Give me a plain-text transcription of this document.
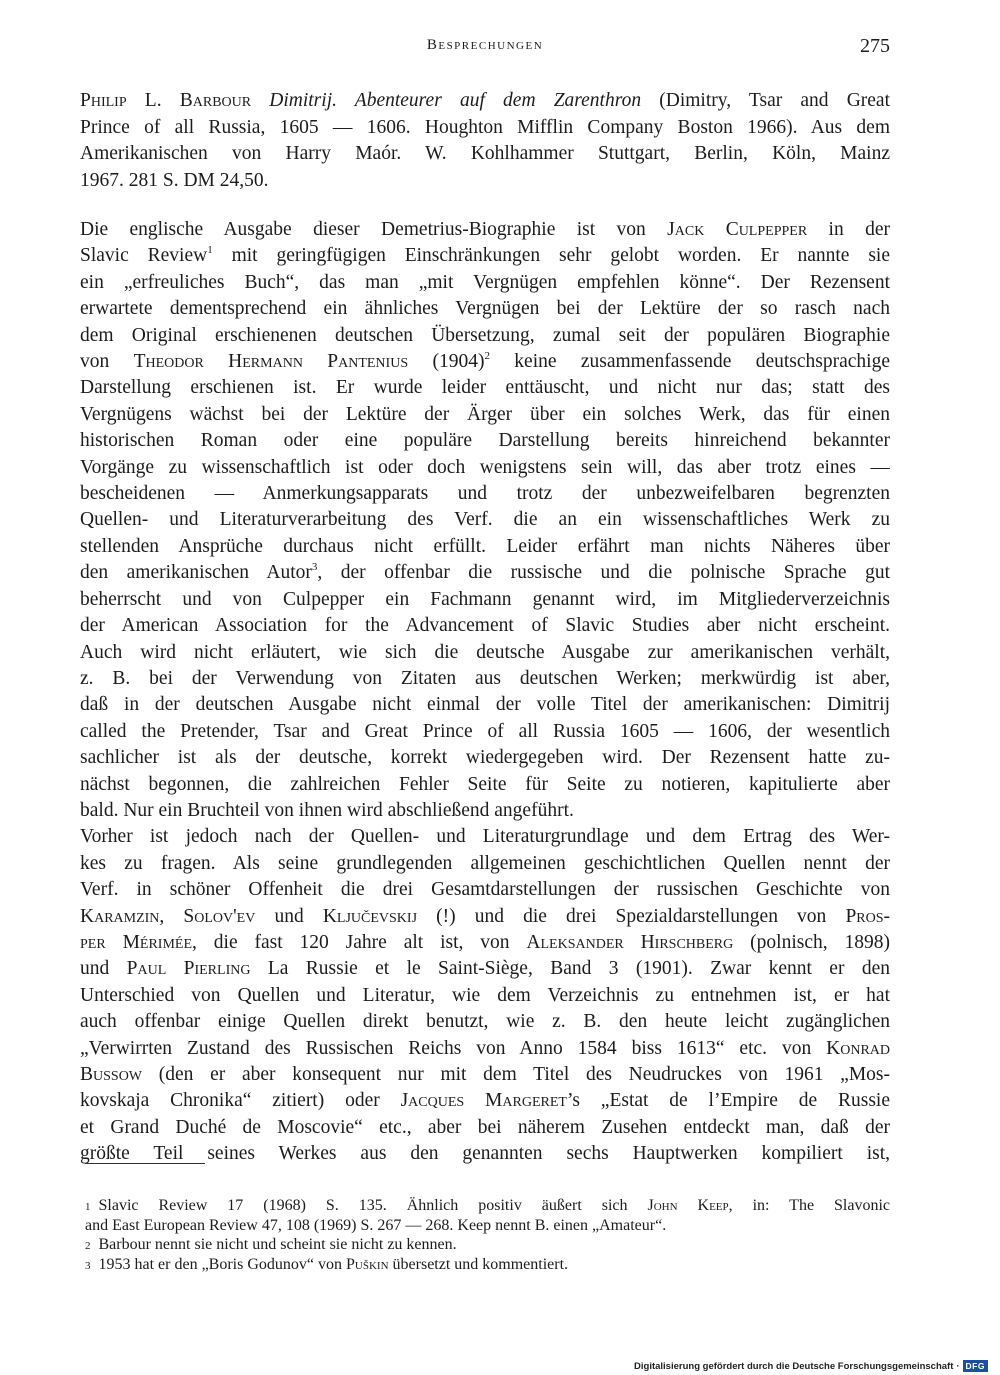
Besprechungen	275
Philip L. Barbour Dimitrij. Abenteurer auf dem Zarenthron (Dimitry, Tsar and Great
Prince of all Russia, 1605 — 1606. Houghton Mifflin Company Boston 1966). Aus dem
Amerikanischen von Harry Maór. W. Kohlhammer Stuttgart, Berlin, Köln, Mainz
1967. 281 S. DM 24,50.
Die englische Ausgabe dieser Demetrius-Biographie ist von Jack Culpepper in der
Slavic Review$^1$ mit geringfügigen Einschränkungen sehr gelobt worden. Er nannte sie
ein „erfreuliches Buch“, das man „mit Vergnügen empfehlen könne“. Der Rezensent
erwartete dementsprechend ein ähnliches Vergnügen bei der Lektüre der so rasch nach
dem Original erschienenen deutschen Übersetzung, zumal seit der populären Biographie
von Theodor Hermann Pantenius $(1904)^2$ keine zusammenfassende deutschsprachige
Darstellung erschienen ist. Er wurde leider enttäuscht, und nicht nur das; statt des
Vergnügens wächst bei der Lektüre der Ärger über ein solches Werk, das für einen
historischen Roman oder eine populäre Darstellung bereits hinreichend bekannter
Vorgänge zu wissenschaftlich ist oder doch wenigstens sein will, das aber trotz eines —
bescheidenen — Anmerkungsapparats und trotz der unbezweifelbaren begrenzten
Quellen- und Literaturverarbeitung des Verf. die an ein wissenschaftliches Werk zu
stellenden Ansprüche durchaus nicht erfüllt. Leider erfährt man nichts Näheres über
den amerikanischen Autor$^3$, der offenbar die russische und die polnische Sprache gut
beherrscht und von Culpepper ein Fachmann genannt wird, im Mitgliederverzeichnis
der American Association for the Advancement of Slavic Studies aber nicht erscheint.
Auch wird nicht erläutert, wie sich die deutsche Ausgabe zur amerikanischen verhält,
z. B. bei der Verwendung von Zitaten aus deutschen Werken; merkwürdig ist aber,
daß in der deutschen Ausgabe nicht einmal der volle Titel der amerikanischen: Dimitrij
called the Pretender, Tsar and Great Prince of all Russia 1605 — 1606, der wesentlich
sachlicher ist als der deutsche, korrekt wiedergegeben wird. Der Rezensent hatte zu-
nächst begonnen, die zahlreichen Fehler Seite für Seite zu notieren, kapitulierte aber
bald. Nur ein Bruchteil von ihnen wird abschließend angeführt.
Vorher ist jedoch nach der Quellen- und Literaturgrundlage und dem Ertrag des Wer-
kes zu fragen. Als seine grundlegenden allgemeinen geschichtlichen Quellen nennt der
Verf. in schöner Offenheit die drei Gesamtdarstellungen der russischen Geschichte von
Karamzin, Solov'ev und Ključevskij (!) und die drei Spezialdarstellungen von Pros-
per Mérimée, die fast 120 Jahre alt ist, von Aleksander Hirschberg (polnisch, 1898)
und Paul Pierling La Russie et le Saint-Siège, Band 3 (1901). Zwar kennt er den
Unterschied von Quellen und Literatur, wie dem Verzeichnis zu entnehmen ist, er hat
auch offenbar einige Quellen direkt benutzt, wie z. B. den heute leicht zugänglichen
„Verwirrten Zustand des Russischen Reichs von Anno 1584 biss 1613“ etc. von Konrad
Bussow (den er aber konsequent nur mit dem Titel des Neudruckes von 1961 „Mos-
kovskaja Chronika“ zitiert) oder Jacques Margeret’s „Estat de l’Empire de Russie
et Grand Duché de Moscovie“ etc., aber bei näherem Zusehen entdeckt man, daß der
größte Teil seines Werkes aus den genannten sechs Hauptwerken kompiliert ist,
$^1$ Slavic Review 17 (1968) S. 135. Ähnlich positiv äußert sich John Keep, in: The Slavonic
and East European Review 47, 108 (1969) S. 267 — 268. Keep nennt B. einen „Amateur“.
$^2$ Barbour nennt sie nicht und scheint sie nicht zu kennen.
$^3$ 1953 hat er den „Boris Godunov“ von Puškin übersetzt und kommentiert.
Digitalisierung gefördert durch die Deutsche Forschungsgemeinschaft · DFG
